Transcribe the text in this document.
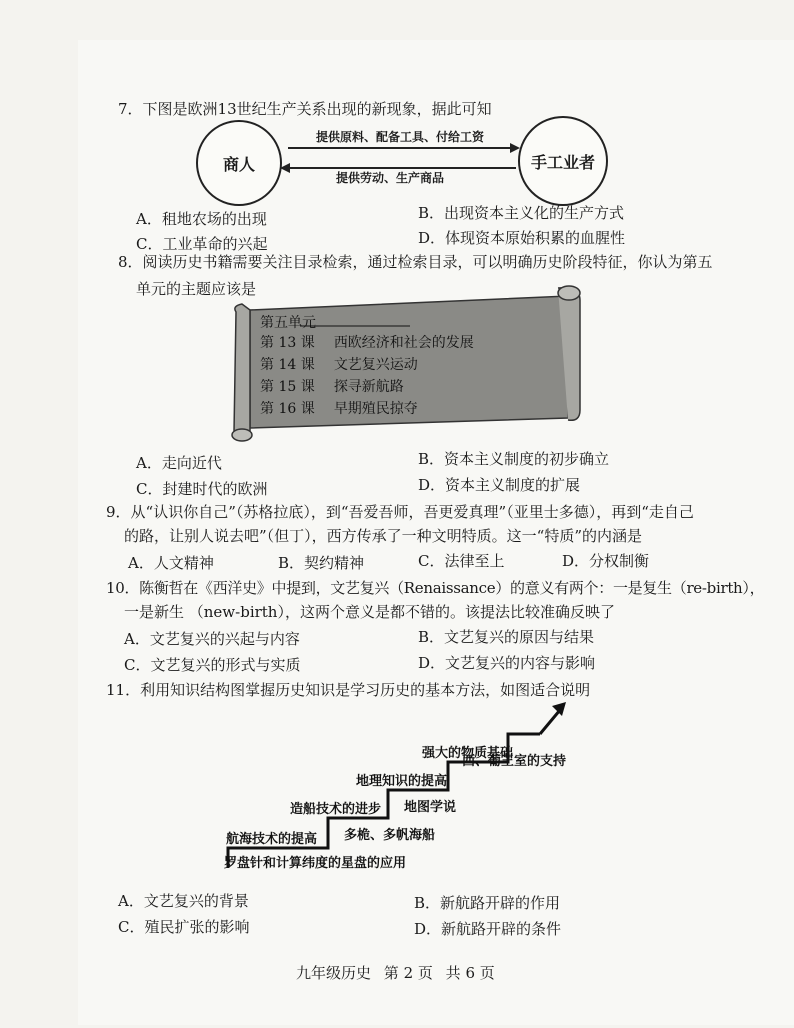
7．下图是欧洲13世纪生产关系出现的新现象，据此可知
商人	手工业者
提供原料、配备工具、付给工资
提供劳动、生产商品
A．租地农场的出现	B．出现资本主义化的生产方式
C．工业革命的兴起	D．体现资本原始积累的血腥性
8．阅读历史书籍需要关注目录检索，通过检索目录，可以明确历史阶段特征，你认为第五
单元的主题应该是
第五单元
第 13 课 西欧经济和社会的发展
第 14 课 文艺复兴运动
第 15 课 探寻新航路
第 16 课 早期殖民掠夺
A．走向近代	B．资本主义制度的初步确立
C．封建时代的欧洲	D．资本主义制度的扩展
9．从“认识你自己”（苏格拉底），到“吾爱吾师，吾更爱真理”（亚里士多德），再到“走自己
的路，让别人说去吧”（但丁），西方传承了一种文明特质。这一“特质”的内涵是
A．人文精神	B．契约精神	C．法律至上	D．分权制衡
10．陈衡哲在《西洋史》中提到，文艺复兴（Renaissance）的意义有两个：一是复生（re-birth），
一是新生 （new-birth），这两个意义是都不错的。该提法比较准确反映了
A．文艺复兴的兴起与内容	B．文艺复兴的原因与结果
C．文艺复兴的形式与实质	D．文艺复兴的内容与影响
11．利用知识结构图掌握历史知识是学习历史的基本方法，如图适合说明
罗盘针和计算纬度的星盘的应用
航海技术的提高
造船技术的进步
地理知识的提高
强大的物质基础
多桅、多帆海船
地图学说
西、葡王室的支持
A．文艺复兴的背景	B．新航路开辟的作用
C．殖民扩张的影响	D．新航路开辟的条件
九年级历史 第 2 页 共 6 页
